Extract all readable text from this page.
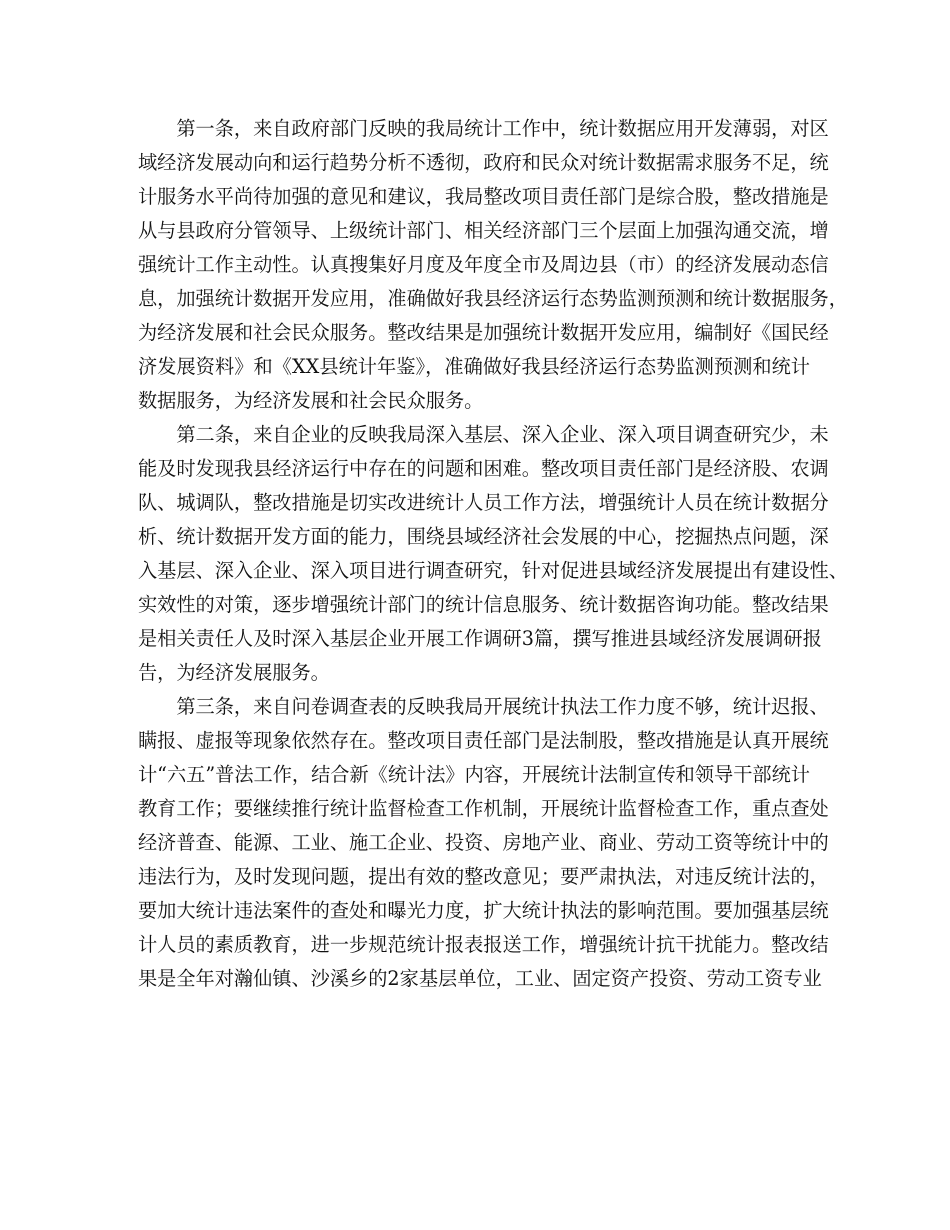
　　第一条，来自政府部门反映的我局统计工作中，统计数据应用开发薄弱，对区
域经济发展动向和运行趋势分析不透彻，政府和民众对统计数据需求服务不足，统
计服务水平尚待加强的意见和建议，我局整改项目责任部门是综合股，整改措施是
从与县政府分管领导、上级统计部门、相关经济部门三个层面上加强沟通交流，增
强统计工作主动性。认真搜集好月度及年度全市及周边县（市）的经济发展动态信
息，加强统计数据开发应用，准确做好我县经济运行态势监测预测和统计数据服务，
为经济发展和社会民众服务。整改结果是加强统计数据开发应用，编制好《国民经
济发展资料》和《XX县统计年鉴》，准确做好我县经济运行态势监测预测和统计
数据服务，为经济发展和社会民众服务。
　　第二条，来自企业的反映我局深入基层、深入企业、深入项目调查研究少，未
能及时发现我县经济运行中存在的问题和困难。整改项目责任部门是经济股、农调
队、城调队，整改措施是切实改进统计人员工作方法，增强统计人员在统计数据分
析、统计数据开发方面的能力，围绕县域经济社会发展的中心，挖掘热点问题，深
入基层、深入企业、深入项目进行调查研究，针对促进县域经济发展提出有建设性、
实效性的对策，逐步增强统计部门的统计信息服务、统计数据咨询功能。整改结果
是相关责任人及时深入基层企业开展工作调研3篇，撰写推进县域经济发展调研报
告，为经济发展服务。
　　第三条，来自问卷调查表的反映我局开展统计执法工作力度不够，统计迟报、
瞒报、虚报等现象依然存在。整改项目责任部门是法制股，整改措施是认真开展统
计“六五”普法工作，结合新《统计法》内容，开展统计法制宣传和领导干部统计
教育工作；要继续推行统计监督检查工作机制，开展统计监督检查工作，重点查处
经济普查、能源、工业、施工企业、投资、房地产业、商业、劳动工资等统计中的
违法行为，及时发现问题，提出有效的整改意见；要严肃执法，对违反统计法的，
要加大统计违法案件的查处和曝光力度，扩大统计执法的影响范围。要加强基层统
计人员的素质教育，进一步规范统计报表报送工作，增强统计抗干扰能力。整改结
果是全年对瀚仙镇、沙溪乡的2家基层单位，工业、固定资产投资、劳动工资专业
